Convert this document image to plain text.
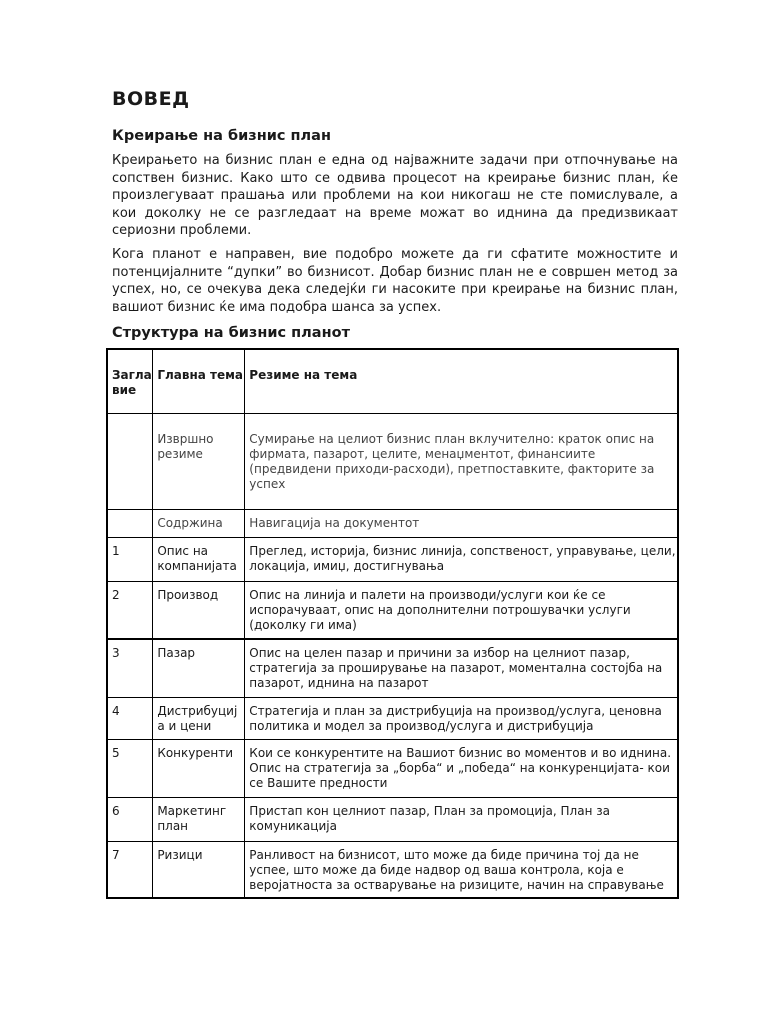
ВОВЕД
Креирање на бизнис план

Креирањето на бизнис план е една од најважните задачи при отпочнување на сопствен бизнис. Како што се одвива процесот на креирање бизнис план, ќе произлегуваат прашања или проблеми на кои никогаш не сте помислувале, а кои доколку не се разгледаат на време можат во иднина да предизвикаат сериозни проблеми.

Кога планот е направен, вие подобро можете да ги сфатите можностите и потенцијалните “дупки” во бизнисот. Добар бизнис план не е совршен метод за успех, но, се очекува дека следејќи ги насоките при креирање на бизнис план, вашиот бизнис ќе има подобра шанса за успех.

Структура на бизнис планот
Заглавие	Главна тема	Резиме на тема
	Извршно резиме	Сумирање на целиот бизнис план вклучително: краток опис на фирмата, пазарот, целите, менаџментот, финансиите (предвидени приходи-расходи), претпоставките, факторите за успех
	Содржина	Навигација на документот
1	Опис на компанијата	Преглед, историја, бизнис линија, сопственост, управување, цели, локација, имиџ, достигнувања
2	Производ	Опис на линија и палети на производи/услуги кои ќе се испорачуваат, опис на дополнителни потрошувачки услуги (доколку ги има)
3	Пазар	Опис на целен пазар и причини за избор на целниот пазар, стратегија за проширување на пазарот, моментална состојба на пазарот, иднина на пазарот
4	Дистрибуција и цени	Стратегија и план за дистрибуција на производ/услуга, ценовна политика и модел за производ/услуга и дистрибуција
5	Конкуренти	Кои се конкурентите на Вашиот бизнис во моментов и во иднина. Опис на стратегија за „борба“ и „победа“ на конкуренцијата- кои се Вашите предности
6	Маркетинг план	Пристап кон целниот пазар, План за промоција, План за комуникација
7	Ризици	Ранливост на бизнисот, што може да биде причина тој да не успее, што може да биде надвор од ваша контрола, која е веројатноста за остварување на ризиците, начин на справување
